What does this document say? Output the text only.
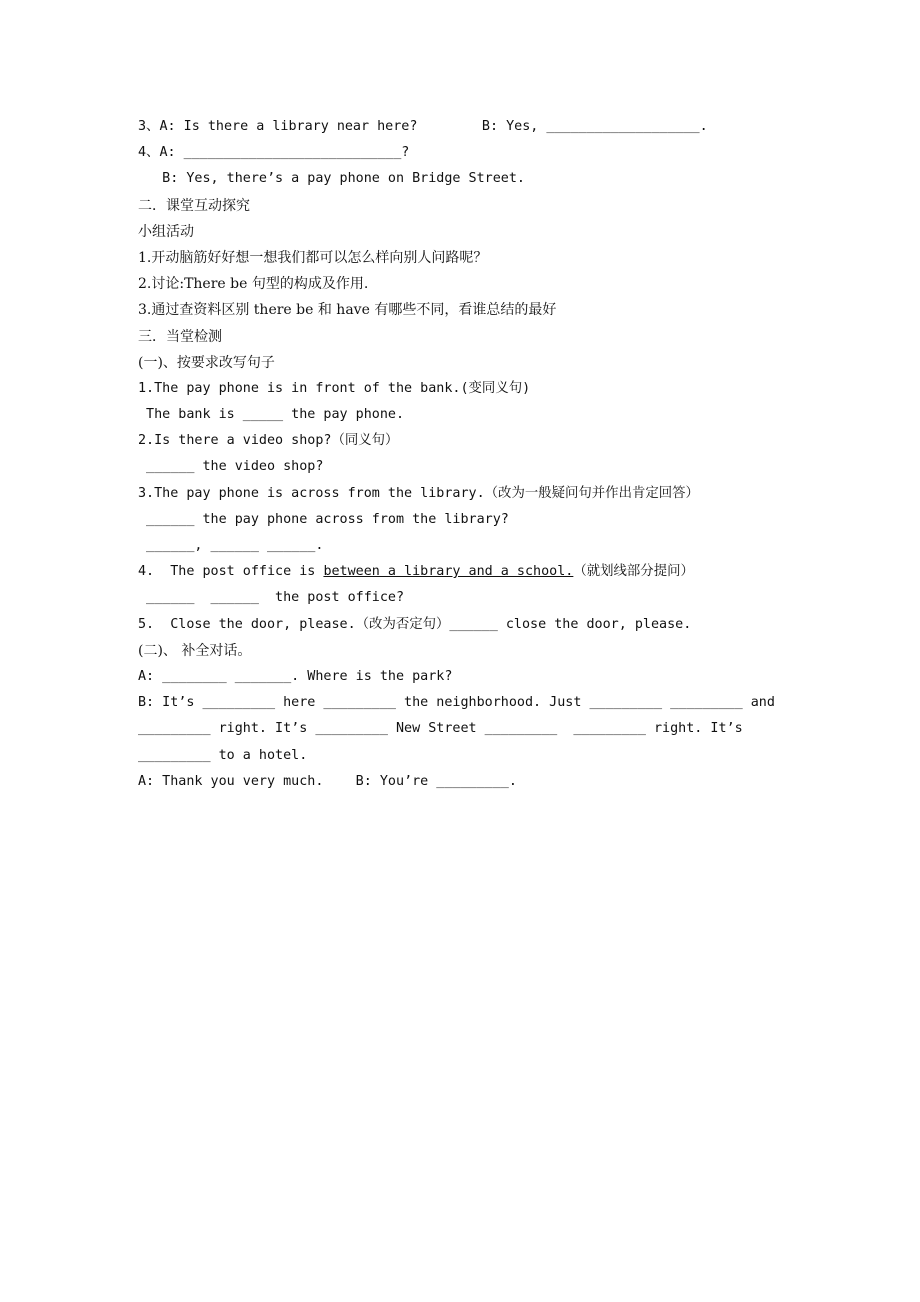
3、A: Is there a library near here?        B: Yes, ___________________.
4、A: ___________________________?
B: Yes, there’s a pay phone on Bridge Street.
二．课堂互动探究
小组活动
1.开动脑筋好好想一想我们都可以怎么样向别人问路呢？
2.讨论:There be 句型的构成及作用.
3.通过查资料区别 there be 和 have 有哪些不同，看谁总结的最好
三．当堂检测
(一)、按要求改写句子
1.The pay phone is in front of the bank.(变同义句)
The bank is _____ the pay phone.
2.Is there a video shop?（同义句）
______ the video shop?
3.The pay phone is across from the library.（改为一般疑问句并作出肯定回答）
______ the pay phone across from the library?
______, ______ ______.
4.  The post office is between a library and a school.（就划线部分提问）
______  ______  the post office?
5.  Close the door, please.（改为否定句）______ close the door, please.
(二)、 补全对话。
A: ________ _______. Where is the park?
B: It’s _________ here _________ the neighborhood. Just _________ _________ and
_________ right. It’s _________ New Street _________  _________ right. It’s
_________ to a hotel.
A: Thank you very much.    B: You’re _________.
